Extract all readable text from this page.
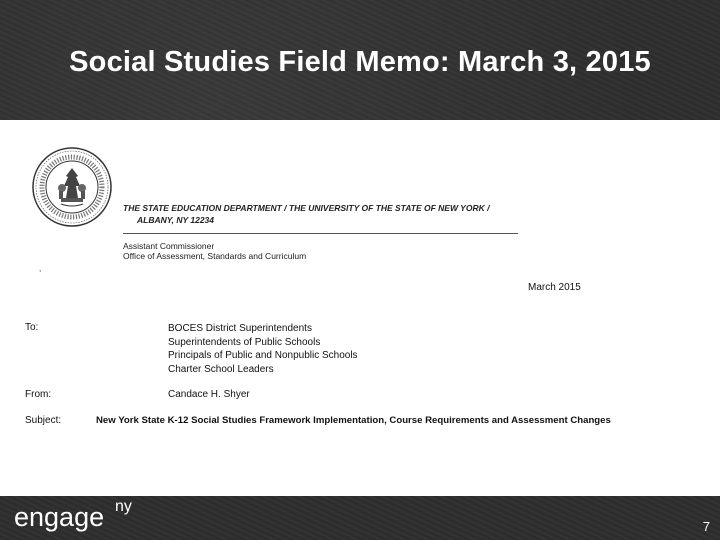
Social Studies Field Memo: March 3, 2015
THE STATE EDUCATION DEPARTMENT / THE UNIVERSITY OF THE STATE OF NEW YORK /
ALBANY, NY 12234
Assistant Commissioner
Office of Assessment, Standards and Curriculum
,
March 2015
To:	BOCES District Superintendents
Superintendents of Public Schools
Principals of Public and Nonpublic Schools
Charter School Leaders
From:	Candace H. Shyer
Subject:	New York State K-12 Social Studies Framework Implementation, Course Requirements and Assessment Changes
engage ny
7
